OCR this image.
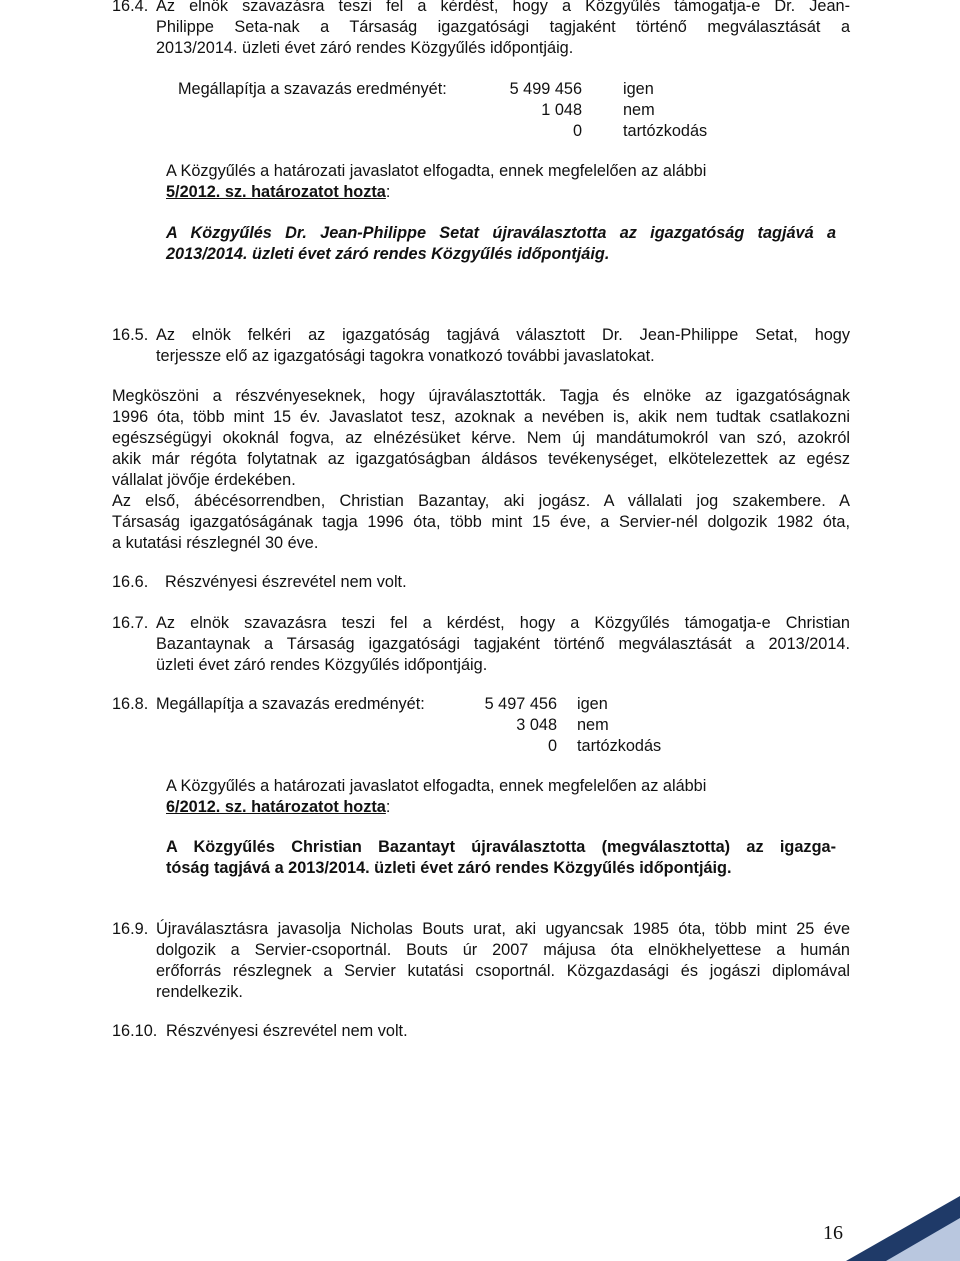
16.4. Az elnök szavazásra teszi fel a kérdést, hogy a Közgyűlés támogatja-e Dr. Jean-
Philippe Seta-nak a Társaság igazgatósági tagjaként történő megválasztását a
2013/2014. üzleti évet záró rendes Közgyűlés időpontjáig.
Megállapítja a szavazás eredményét:	5 499 456	igen
1 048	nem
0	tartózkodás
A Közgyűlés a határozati javaslatot elfogadta, ennek megfelelően az alábbi
5/2012. sz. határozatot hozta:
A Közgyűlés Dr. Jean-Philippe Setat újraválasztotta az igazgatóság tagjává a
2013/2014. üzleti évet záró rendes Közgyűlés időpontjáig.
16.5. Az elnök felkéri az igazgatóság tagjává választott Dr. Jean-Philippe Setat, hogy
terjessze elő az igazgatósági tagokra vonatkozó további javaslatokat.
Megköszöni a részvényeseknek, hogy újraválasztották. Tagja és elnöke az igazgatóságnak
1996 óta, több mint 15 év. Javaslatot tesz, azoknak a nevében is, akik nem tudtak csatlakozni
egészségügyi okoknál fogva, az elnézésüket kérve. Nem új mandátumokról van szó, azokról
akik már régóta folytatnak az igazgatóságban áldásos tevékenységet, elkötelezettek az egész
vállalat jövője érdekében.
Az első, ábécésorrendben, Christian Bazantay, aki jogász. A vállalati jog szakembere. A
Társaság igazgatóságának tagja 1996 óta, több mint 15 éve, a Servier-nél dolgozik 1982 óta,
a kutatási részlegnél 30 éve.
16.6. Részvényesi észrevétel nem volt.
16.7. Az elnök szavazásra teszi fel a kérdést, hogy a Közgyűlés támogatja-e Christian
Bazantaynak a Társaság igazgatósági tagjaként történő megválasztását a 2013/2014.
üzleti évet záró rendes Közgyűlés időpontjáig.
16.8. Megállapítja a szavazás eredményét:	5 497 456 igen
3 048 nem
0 tartózkodás
A Közgyűlés a határozati javaslatot elfogadta, ennek megfelelően az alábbi
6/2012. sz. határozatot hozta:
A Közgyűlés Christian Bazantayt újraválasztotta (megválasztotta) az igazga-
tóság tagjává a 2013/2014. üzleti évet záró rendes Közgyűlés időpontjáig.
16.9. Újraválasztásra javasolja Nicholas Bouts urat, aki ugyancsak 1985 óta, több mint 25 éve
dolgozik a Servier-csoportnál. Bouts úr 2007 májusa óta elnökhelyettese a humán
erőforrás részlegnek a Servier kutatási csoportnál. Közgazdasági és jogászi diplomával
rendelkezik.
16.10. Részvényesi észrevétel nem volt.
16
